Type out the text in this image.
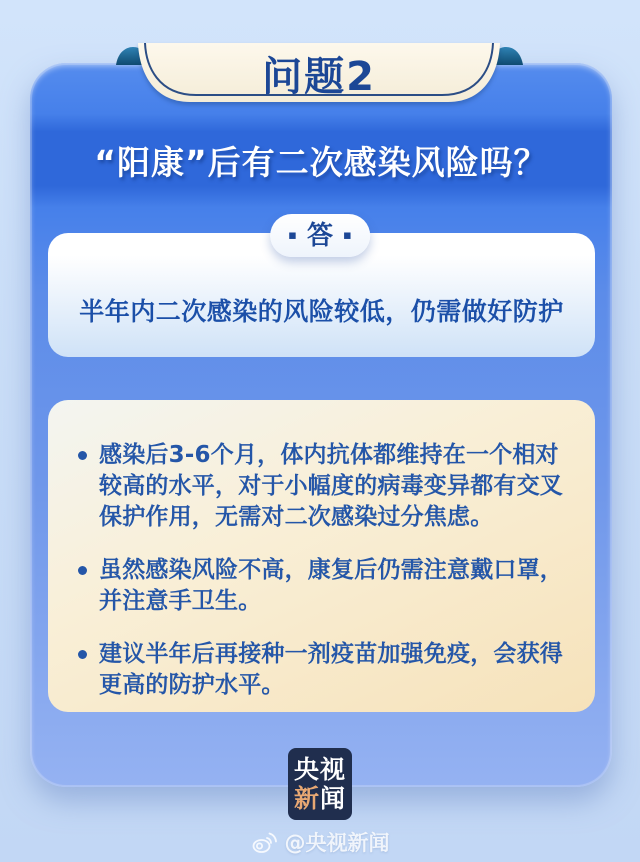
问题2
“阳康”后有二次感染风险吗？
▪ 答 ▪
半年内二次感染的风险较低，仍需做好防护
感染后3-6个月，体内抗体都维持在一个相对较高的水平，对于小幅度的病毒变异都有交叉保护作用，无需对二次感染过分焦虑。
虽然感染风险不高，康复后仍需注意戴口罩，并注意手卫生。
建议半年后再接种一剂疫苗加强免疫，会获得更高的防护水平。
央视
新闻
@央视新闻
